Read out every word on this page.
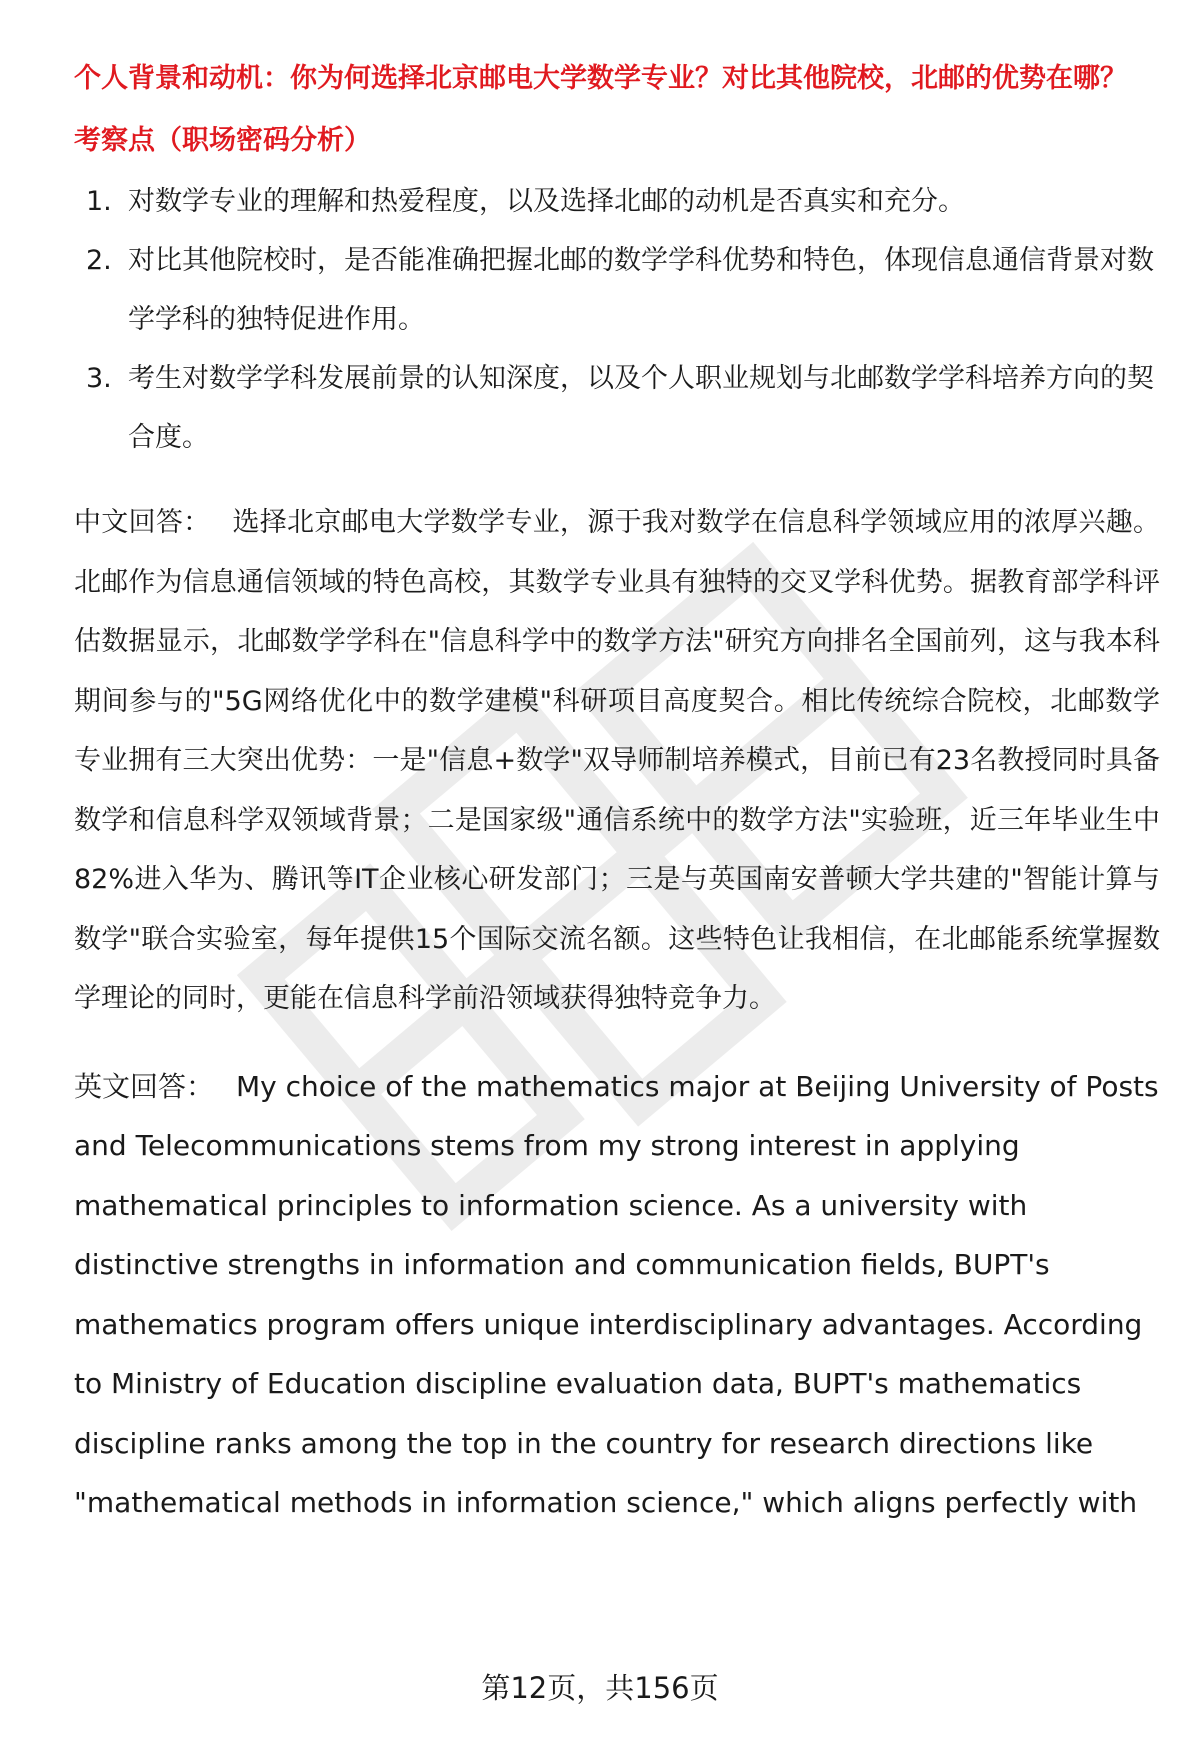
个人背景和动机：你为何选择北京邮电大学数学专业？对比其他院校，北邮的优势在哪？

考察点（职场密码分析）

1. 对数学专业的理解和热爱程度，以及选择北邮的动机是否真实和充分。
2. 对比其他院校时，是否能准确把握北邮的数学学科优势和特色，体现信息通信背景对数学学科的独特促进作用。
3. 考生对数学学科发展前景的认知深度，以及个人职业规划与北邮数学学科培养方向的契合度。

中文回答： 选择北京邮电大学数学专业，源于我对数学在信息科学领域应用的浓厚兴趣。北邮作为信息通信领域的特色高校，其数学专业具有独特的交叉学科优势。据教育部学科评估数据显示，北邮数学学科在"信息科学中的数学方法"研究方向排名全国前列，这与我本科期间参与的"5G网络优化中的数学建模"科研项目高度契合。相比传统综合院校，北邮数学专业拥有三大突出优势：一是"信息+数学"双导师制培养模式，目前已有23名教授同时具备数学和信息科学双领域背景；二是国家级"通信系统中的数学方法"实验班，近三年毕业生中82%进入华为、腾讯等IT企业核心研发部门；三是与英国南安普顿大学共建的"智能计算与数学"联合实验室，每年提供15个国际交流名额。这些特色让我相信，在北邮能系统掌握数学理论的同时，更能在信息科学前沿领域获得独特竞争力。

英文回答： My choice of the mathematics major at Beijing University of Posts and Telecommunications stems from my strong interest in applying mathematical principles to information science. As a university with distinctive strengths in information and communication fields, BUPT's mathematics program offers unique interdisciplinary advantages. According to Ministry of Education discipline evaluation data, BUPT's mathematics discipline ranks among the top in the country for research directions like "mathematical methods in information science," which aligns perfectly with

第12页，共156页
